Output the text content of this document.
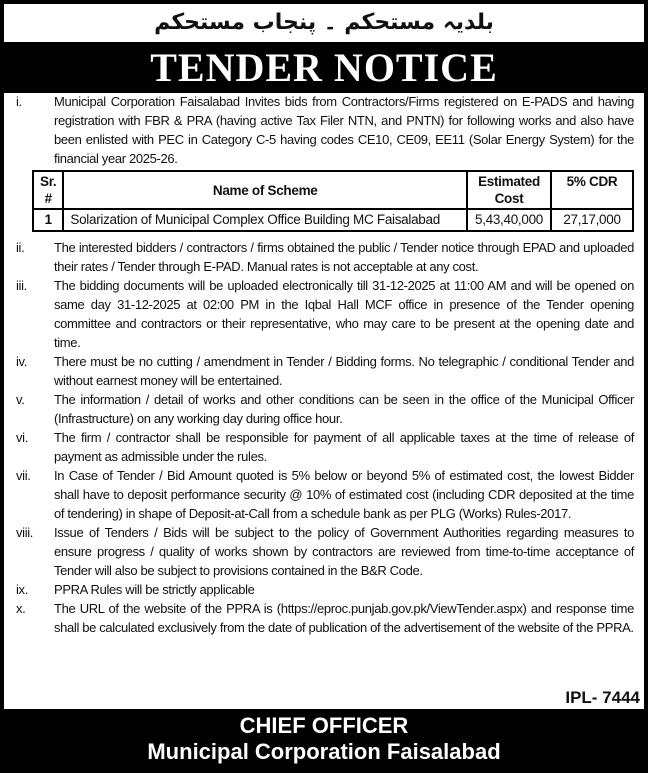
بلدیہ مستحکم ۔ پنجاب مستحکم
TENDER NOTICE
i. Municipal Corporation Faisalabad Invites bids from Contractors/Firms registered on E-PADS and having registration with FBR & PRA (having active Tax Filer NTN, and PNTN) for following works and also have been enlisted with PEC in Category C-5 having codes CE10, CE09, EE11 (Solar Energy System) for the financial year 2025-26.
Sr. #	Name of Scheme	Estimated Cost	5% CDR
1	Solarization of Municipal Complex Office Building MC Faisalabad	5,43,40,000	27,17,000
ii. The interested bidders / contractors / firms obtained the public / Tender notice through EPAD and uploaded their rates / Tender through E-PAD. Manual rates is not acceptable at any cost.
iii. The bidding documents will be uploaded electronically till 31-12-2025 at 11:00 AM and will be opened on same day 31-12-2025 at 02:00 PM in the Iqbal Hall MCF office in presence of the Tender opening committee and contractors or their representative, who may care to be present at the opening date and time.
iv. There must be no cutting / amendment in Tender / Bidding forms. No telegraphic / conditional Tender and without earnest money will be entertained.
v. The information / detail of works and other conditions can be seen in the office of the Municipal Officer (Infrastructure) on any working day during office hour.
vi. The firm / contractor shall be responsible for payment of all applicable taxes at the time of release of payment as admissible under the rules.
vii. In Case of Tender / Bid Amount quoted is 5% below or beyond 5% of estimated cost, the lowest Bidder shall have to deposit performance security @ 10% of estimated cost (including CDR deposited at the time of tendering) in shape of Deposit-at-Call from a schedule bank as per PLG (Works) Rules-2017.
viii. Issue of Tenders / Bids will be subject to the policy of Government Authorities regarding measures to ensure progress / quality of works shown by contractors are reviewed from time-to-time acceptance of Tender will also be subject to provisions contained in the B&R Code.
ix. PPRA Rules will be strictly applicable
x. The URL of the website of the PPRA is (https://eproc.punjab.gov.pk/ViewTender.aspx) and response time shall be calculated exclusively from the date of publication of the advertisement of the website of the PPRA.
IPL- 7444
CHIEF OFFICER
Municipal Corporation Faisalabad
